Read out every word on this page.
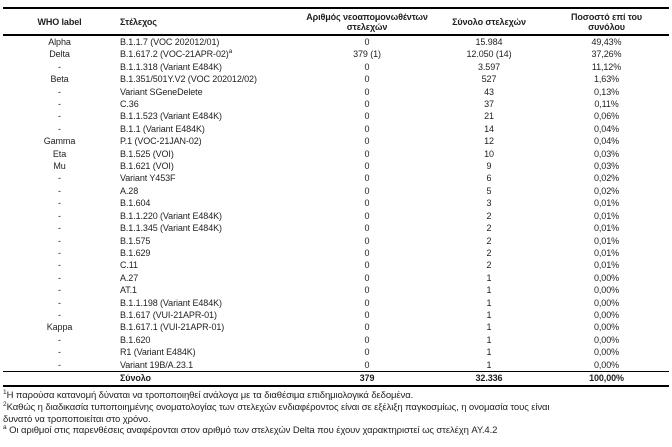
WHO label	Στέλεχος	Αριθμός νεοαπομονωθέντων στελεχών	Σύνολο στελεχών	Ποσοστό επί του συνόλου
Alpha	B.1.1.7 (VOC 202012/01)	0	15.984	49,43%
Delta	B.1.617.2 $(VOC-21APR-02)^a$	379 (1)	12.050 (14)	37,26%
-	B.1.1.318 (Variant E484K)	0	3.597	11,12%
Beta	B.1.351/501Y.V2 (VOC 202012/02)	0	527	1,63%
-	Variant SGeneDelete	0	43	0,13%
-	C.36	0	37	0,11%
-	B.1.1.523 (Variant E484K)	0	21	0,06%
-	B.1.1 (Variant E484K)	0	14	0,04%
Gamma	P.1 (VOC-21JAN-02)	0	12	0,04%
Eta	B.1.525 (VOI)	0	10	0,03%
Mu	B.1.621 (VOI)	0	9	0,03%
-	Variant Y453F	0	6	0,02%
-	A.28	0	5	0,02%
-	B.1.604	0	3	0,01%
-	B.1.1.220 (Variant E484K)	0	2	0,01%
-	B.1.1.345 (Variant E484K)	0	2	0,01%
-	B.1.575	0	2	0,01%
-	B.1.629	0	2	0,01%
-	C.11	0	2	0,01%
-	A.27	0	1	0,00%
-	AT.1	0	1	0,00%
-	B.1.1.198 (Variant E484K)	0	1	0,00%
-	B.1.617 (VUI-21APR-01)	0	1	0,00%
Kappa	B.1.617.1 (VUI-21APR-01)	0	1	0,00%
-	B.1.620	0	1	0,00%
-	R1 (Variant E484K)	0	1	0,00%
-	Variant 19B/A.23.1	0	1	0,00%
	Σύνολο	379	32.336	100,00%
$^1$Η παρούσα κατανομή δύναται να τροποποιηθεί ανάλογα με τα διαθέσιμα επιδημιολογικά δεδομένα.
$^2$Καθώς η διαδικασία τυποποιημένης ονοματολογίας των στελεχών ενδιαφέροντος είναι σε εξέλιξη παγκοσμίως, η ονομασία τους είναι
δυνατό να τροποποιείται στο χρόνο.
$^a$ Οι αριθμοί στις παρενθέσεις αναφέρονται στον αριθμό των στελεχών Delta που έχουν χαρακτηριστεί ως στελέχη AY.4.2
